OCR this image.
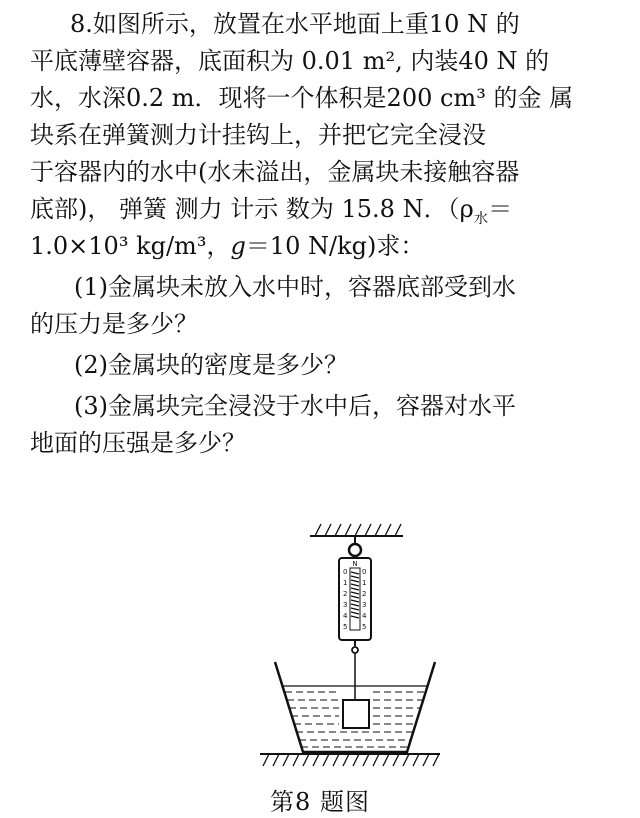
8.如图所示，放置在水平地面上重10 N 的
平底薄壁容器，底面积为 0.01 m², 内装40 N 的
水，水深0.2 m．现将一个体积是200 cm³ 的金 属
块系在弹簧测力计挂钩上，并把它完全浸没
于容器内的水中(水未溢出，金属块未接触容器
底部)， 弹簧 测力 计示 数为 15.8 N．（$\rho_水=$
1.0×10³ kg/m³，g＝10 N/kg)求：
(1)金属块未放入水中时，容器底部受到水
的压力是多少？
(2)金属块的密度是多少？
(3)金属块完全浸没于水中后，容器对水平
地面的压强是多少？
N
0
1
2
3
4
5
0
1
2
3
4
5
第8 题图
